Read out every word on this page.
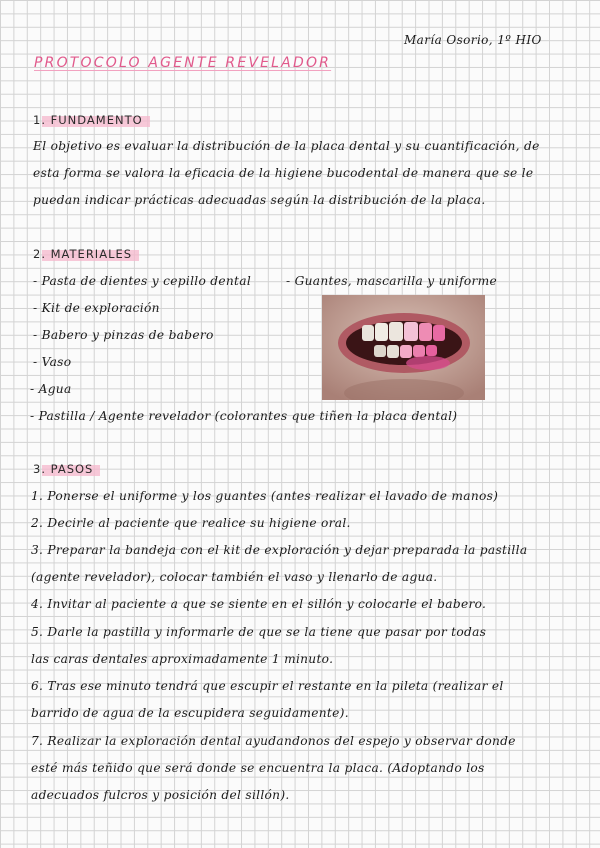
María Osorio, 1º HIO
PROTOCOLO AGENTE REVELADOR
1. FUNDAMENTO
El objetivo es evaluar la distribución de la placa dental y su cuantificación, de
esta forma se valora la eficacia de la higiene bucodental de manera que se le
puedan indicar prácticas adecuadas según la distribución de la placa.
2. MATERIALES
- Pasta de dientes y cepillo dental	- Guantes, mascarilla y uniforme
- Kit de exploración
- Babero y pinzas de babero
- Vaso
- Agua
- Pastilla / Agente revelador (colorantes que tiñen la placa dental)
3. PASOS
1. Ponerse el uniforme y los guantes (antes realizar el lavado de manos)
2. Decirle al paciente que realice su higiene oral.
3. Preparar la bandeja con el kit de exploración y dejar preparada la pastilla
(agente revelador), colocar también el vaso y llenarlo de agua.
4. Invitar al paciente a que se siente en el sillón y colocarle el babero.
5. Darle la pastilla y informarle de que se la tiene que pasar por todas
las caras dentales aproximadamente 1 minuto.
6. Tras ese minuto tendrá que escupir el restante en la pileta (realizar el
barrido de agua de la escupidera seguidamente).
7. Realizar la exploración dental ayudandonos del espejo y observar donde
esté más teñido que será donde se encuentra la placa. (Adoptando los
adecuados fulcros y posición del sillón).
